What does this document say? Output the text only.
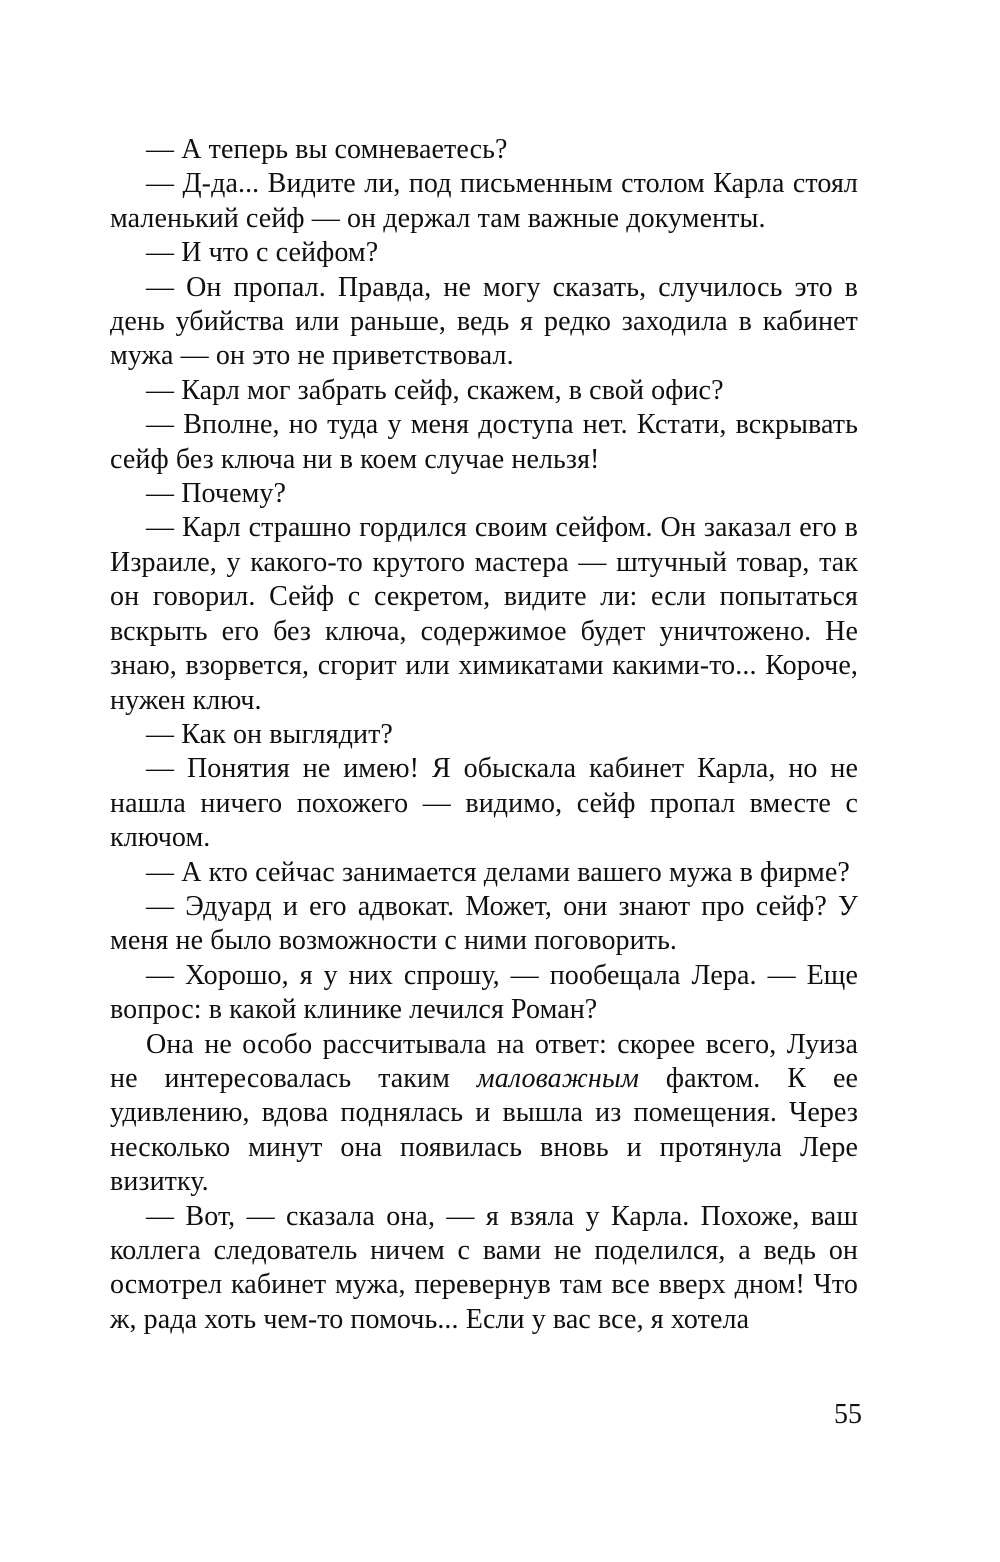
— А теперь вы сомневаетесь?

— Д-да... Видите ли, под письменным столом Карла стоял маленький сейф — он держал там важные документы.

— И что с сейфом?

— Он пропал. Правда, не могу сказать, случилось это в день убийства или раньше, ведь я редко заходила в кабинет мужа — он это не приветствовал.

— Карл мог забрать сейф, скажем, в свой офис?

— Вполне, но туда у меня доступа нет. Кстати, вскрывать сейф без ключа ни в коем случае нельзя!

— Почему?

— Карл страшно гордился своим сейфом. Он заказал его в Израиле, у какого-то крутого мастера — штучный товар, так он говорил. Сейф с секретом, видите ли: если попытаться вскрыть его без ключа, содержимое будет уничтожено. Не знаю, взорвется, сгорит или химикатами какими-то... Короче, нужен ключ.

— Как он выглядит?

— Понятия не имею! Я обыскала кабинет Карла, но не нашла ничего похожего — видимо, сейф пропал вместе с ключом.

— А кто сейчас занимается делами вашего мужа в фирме?

— Эдуард и его адвокат. Может, они знают про сейф? У меня не было возможности с ними поговорить.

— Хорошо, я у них спрошу, — пообещала Лера. — Еще вопрос: в какой клинике лечился Роман?

Она не особо рассчитывала на ответ: скорее всего, Луиза не интересовалась таким маловажным фактом. К ее удивлению, вдова поднялась и вышла из помещения. Через несколько минут она появилась вновь и протянула Лере визитку.

— Вот, — сказала она, — я взяла у Карла. Похоже, ваш коллега следователь ничем с вами не поделился, а ведь он осмотрел кабинет мужа, перевернув там все вверх дном! Что ж, рада хоть чем-то помочь... Если у вас все, я хотела

55
